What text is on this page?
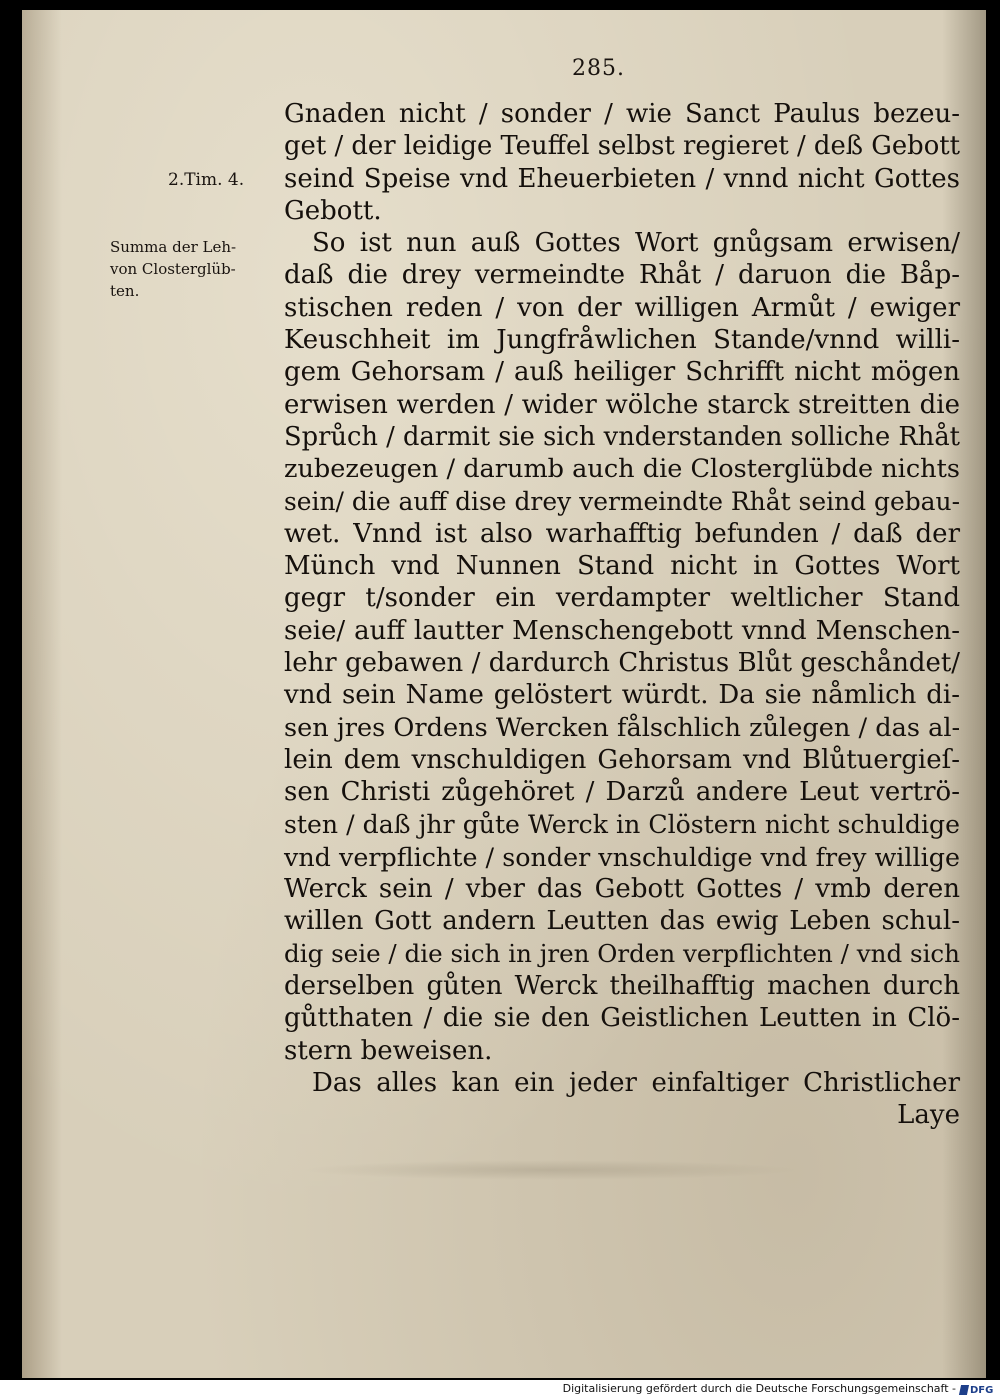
285.
2.Tim. 4.
Summa der Leh-
von Closterglüb-
ten.
Gnaden nicht / sonder / wie Sanct Paulus bezeu-
get / der leidige Teuffel selbst regieret / deß Gebott
seind Speise vnd Eheuerbieten / vnnd nicht Gottes
Gebott.
So ist nun auß Gottes Wort gnůgsam erwisen/
daß die drey vermeindte Rhåt / daruon die Båp-
stischen reden / von der willigen Armůt / ewiger
Keuschheit im Jungfråwlichen Stande/vnnd willi-
gem Gehorsam / auß heiliger Schrifft nicht mögen
erwisen werden / wider wölche starck streitten die
Sprůch / darmit sie sich vnderstanden solliche Rhåt
zubezeugen / darumb auch die Closterglübde nichts
sein/ die auff dise drey vermeindte Rhåt seind gebau-
wet. Vnnd ist also warhafftig befunden / daß der
Münch vnd Nunnen Stand nicht in Gottes Wort
gegr t/sonder ein verdampter weltlicher Stand
seie/ auff lautter Menschengebott vnnd Menschen-
lehr gebawen / dardurch Christus Blůt geschåndet/
vnd sein Name gelöstert würdt. Da sie nåmlich di-
sen jres Ordens Wercken fålschlich zůlegen / das al-
lein dem vnschuldigen Gehorsam vnd Blůtuergieſ-
sen Christi zůgehöret / Darzů andere Leut vertrö-
sten / daß jhr gůte Werck in Clöstern nicht schuldige
vnd verpflichte / sonder vnschuldige vnd frey willige
Werck sein / vber das Gebott Gottes / vmb deren
willen Gott andern Leutten das ewig Leben schul-
dig seie / die sich in jren Orden verpflichten / vnd sich
derselben gůten Werck theilhafftig machen durch
gůtthaten / die sie den Geistlichen Leutten in Clö-
stern beweisen.
Das alles kan ein jeder einfaltiger Christlicher
Laye
Digitalisierung gefördert durch die Deutsche Forschungsgemeinschaft - DFG
